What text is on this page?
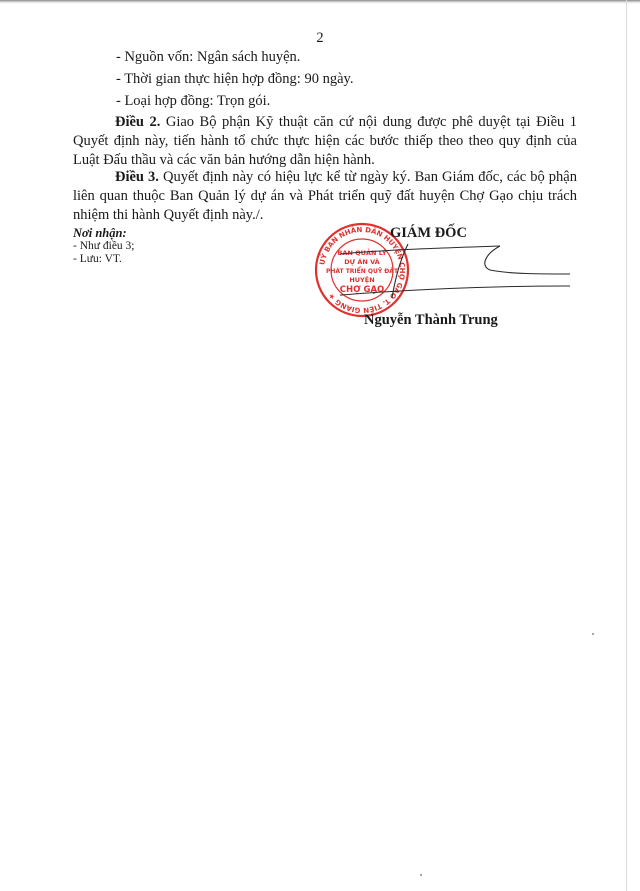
2
- Nguồn vốn: Ngân sách huyện.
- Thời gian thực hiện hợp đồng: 90 ngày.
- Loại hợp đồng: Trọn gói.
Điều 2. Giao Bộ phận Kỹ thuật căn cứ nội dung được phê duyệt tại Điều 1 Quyết định này, tiến hành tổ chức thực hiện các bước thiếp theo theo quy định của Luật Đấu thầu và các văn bản hướng dẫn hiện hành.
Điều 3. Quyết định này có hiệu lực kể từ ngày ký. Ban Giám đốc, các bộ phận liên quan thuộc Ban Quản lý dự án và Phát triển quỹ đất huyện Chợ Gạo chịu trách nhiệm thi hành Quyết định này./.
Nơi nhận:
- Như điều 3;
- Lưu: VT.	UỶ BAN NHÂN DÂN HUYỆN CHỢ GẠO T. TIỀN GIANG ★
BAN QUẢN LÝ
DỰ ÁN VÀ
PHÁT TRIỂN QUỸ ĐẤT
HUYỆN
CHỢ GẠO
GIÁM ĐỐC
Nguyễn Thành Trung
